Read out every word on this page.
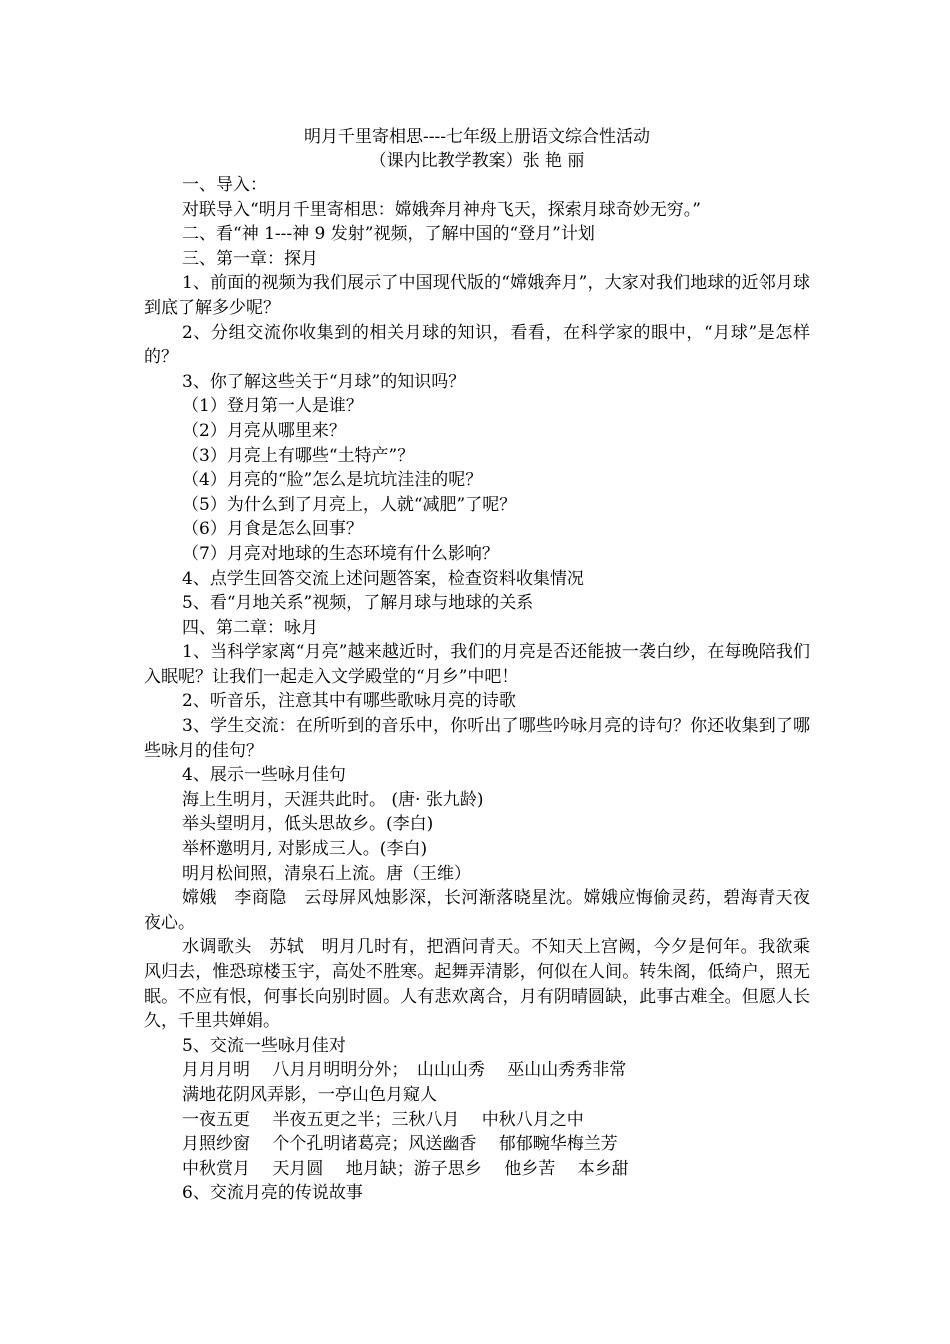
明月千里寄相思----七年级上册语文综合性活动
（课内比教学教案）张 艳 丽
一、导入：
对联导入“明月千里寄相思：嫦娥奔月神舟飞天，探索月球奇妙无穷。”
二、看“神 1---神 9 发射”视频，了解中国的“登月”计划
三、第一章：探月
1、前面的视频为我们展示了中国现代版的“嫦娥奔月”，大家对我们地球的近邻月球到底了解多少呢？
2、分组交流你收集到的相关月球的知识，看看，在科学家的眼中，“月球”是怎样的？
3、你了解这些关于“月球”的知识吗？
（1）登月第一人是谁？
（2）月亮从哪里来？
（3）月亮上有哪些“土特产”？
（4）月亮的“脸”怎么是坑坑洼洼的呢？
（5）为什么到了月亮上，人就“减肥”了呢？
（6）月食是怎么回事？
（7）月亮对地球的生态环境有什么影响？
4、点学生回答交流上述问题答案，检查资料收集情况
5、看“月地关系”视频，了解月球与地球的关系
四、第二章：咏月
1、当科学家离“月亮”越来越近时，我们的月亮是否还能披一袭白纱，在每晚陪我们入眠呢？让我们一起走入文学殿堂的“月乡”中吧！
2、听音乐，注意其中有哪些歌咏月亮的诗歌
3、学生交流：在所听到的音乐中，你听出了哪些吟咏月亮的诗句？你还收集到了哪些咏月的佳句？
4、展示一些咏月佳句
海上生明月，天涯共此时。 (唐· 张九龄)
举头望明月，低头思故乡。(李白)
举杯邀明月, 对影成三人。(李白)
明月松间照，清泉石上流。唐（王维）
嫦娥　李商隐　云母屏风烛影深，长河渐落晓星沈。嫦娥应悔偷灵药，碧海青天夜夜心。
水调歌头　苏轼　明月几时有，把酒问青天。不知天上宫阙，今夕是何年。我欲乘风归去，惟恐琼楼玉宇，高处不胜寒。起舞弄清影，何似在人间。转朱阁，低绮户，照无眠。不应有恨，何事长向别时圆。人有悲欢离合，月有阴晴圆缺，此事古难全。但愿人长久，千里共婵娟。
5、交流一些咏月佳对
月月月明　 八月月明明分外；　山山山秀　 巫山山秀秀非常
满地花阴风弄影，一亭山色月窥人
一夜五更　 半夜五更之半；三秋八月　 中秋八月之中
月照纱窗　 个个孔明诸葛亮；风送幽香　 郁郁畹华梅兰芳
中秋赏月　 天月圆　 地月缺；游子思乡　 他乡苦　 本乡甜
6、交流月亮的传说故事
